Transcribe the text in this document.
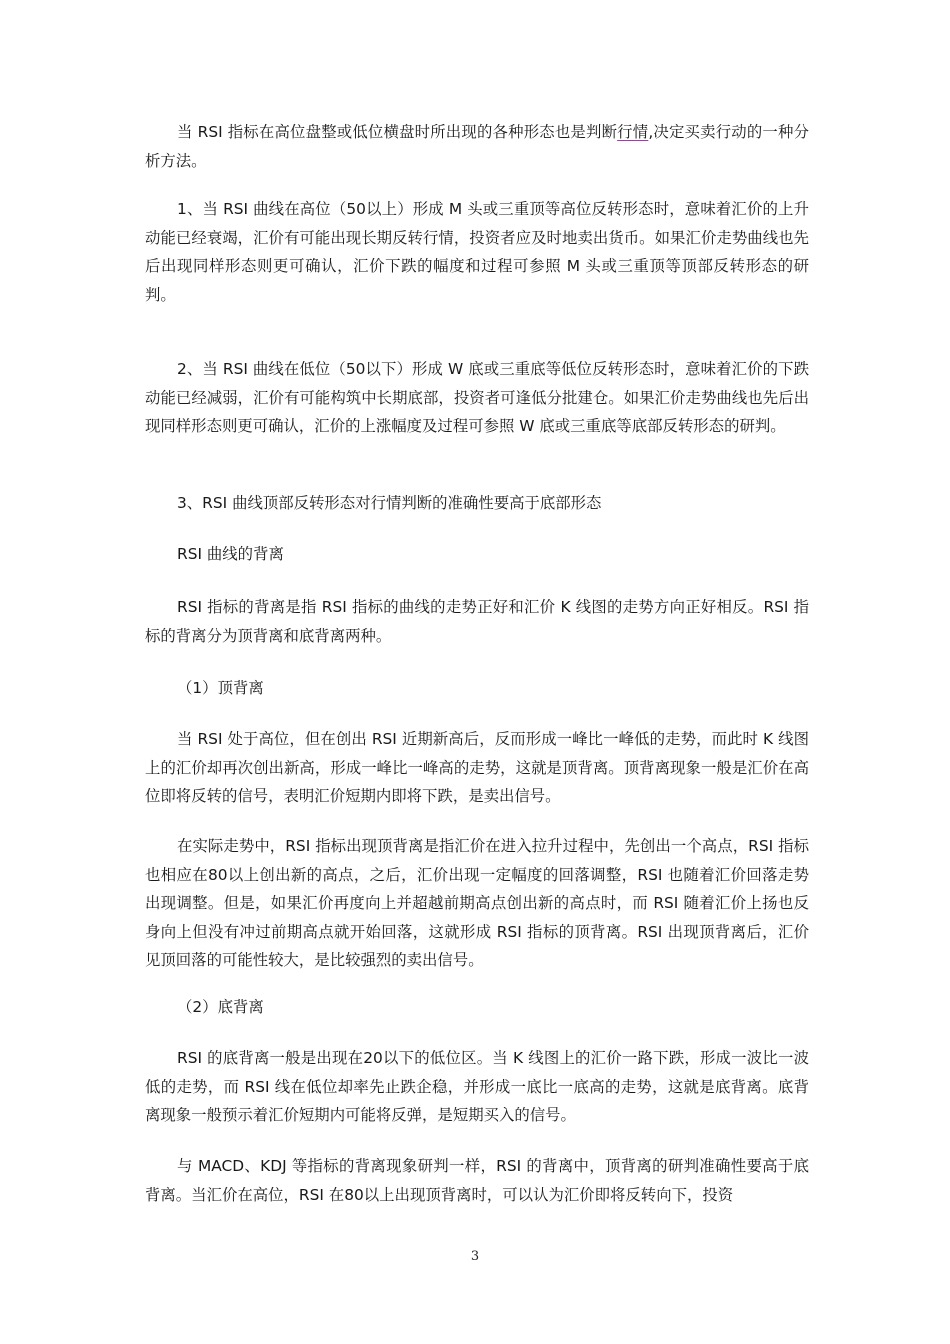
当 RSI 指标在高位盘整或低位横盘时所出现的各种形态也是判断行情,决定买卖行动的一种分析方法。

1、当 RSI 曲线在高位（50以上）形成 M 头或三重顶等高位反转形态时，意味着汇价的上升动能已经衰竭，汇价有可能出现长期反转行情，投资者应及时地卖出货币。如果汇价走势曲线也先后出现同样形态则更可确认，汇价下跌的幅度和过程可参照 M 头或三重顶等顶部反转形态的研判。

2、当 RSI 曲线在低位（50以下）形成 W 底或三重底等低位反转形态时，意味着汇价的下跌动能已经减弱，汇价有可能构筑中长期底部，投资者可逢低分批建仓。如果汇价走势曲线也先后出现同样形态则更可确认，汇价的上涨幅度及过程可参照 W 底或三重底等底部反转形态的研判。

3、RSI 曲线顶部反转形态对行情判断的准确性要高于底部形态

RSI 曲线的背离

RSI 指标的背离是指 RSI 指标的曲线的走势正好和汇价 K 线图的走势方向正好相反。RSI 指标的背离分为顶背离和底背离两种。

（1）顶背离

当 RSI 处于高位，但在创出 RSI 近期新高后，反而形成一峰比一峰低的走势，而此时 K 线图上的汇价却再次创出新高，形成一峰比一峰高的走势，这就是顶背离。顶背离现象一般是汇价在高位即将反转的信号，表明汇价短期内即将下跌，是卖出信号。

在实际走势中，RSI 指标出现顶背离是指汇价在进入拉升过程中，先创出一个高点，RSI 指标也相应在80以上创出新的高点，之后，汇价出现一定幅度的回落调整，RSI 也随着汇价回落走势出现调整。但是，如果汇价再度向上并超越前期高点创出新的高点时，而 RSI 随着汇价上扬也反身向上但没有冲过前期高点就开始回落，这就形成 RSI 指标的顶背离。RSI 出现顶背离后，汇价见顶回落的可能性较大，是比较强烈的卖出信号。

（2）底背离

RSI 的底背离一般是出现在20以下的低位区。当 K 线图上的汇价一路下跌，形成一波比一波低的走势，而 RSI 线在低位却率先止跌企稳，并形成一底比一底高的走势，这就是底背离。底背离现象一般预示着汇价短期内可能将反弹，是短期买入的信号。

与 MACD、KDJ 等指标的背离现象研判一样，RSI 的背离中，顶背离的研判准确性要高于底背离。当汇价在高位，RSI 在80以上出现顶背离时，可以认为汇价即将反转向下，投资

3
